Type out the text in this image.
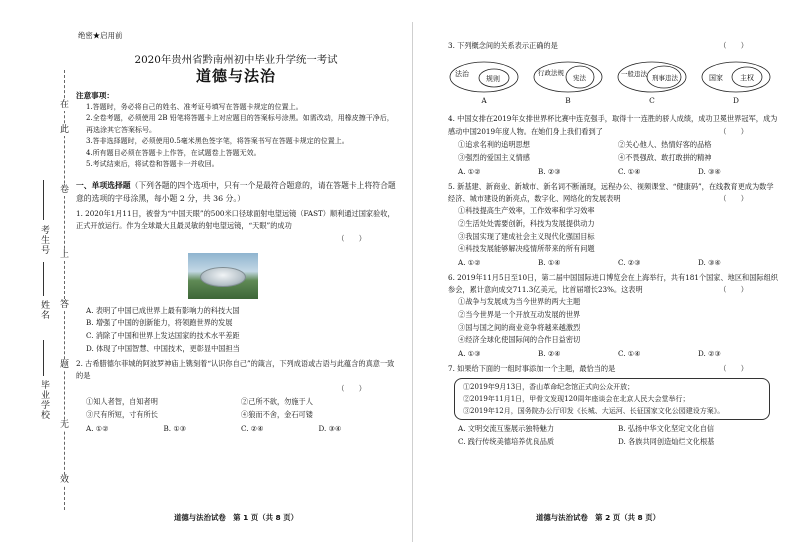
在
此
卷
上
答
题
无
效
考生号
姓名
毕业学校
绝密★启用前
2020年贵州省黔南州初中毕业升学统一考试
道德与法治
注意事项：
1.答题时，务必将自己的姓名、准考证号填写在答题卡规定的位置上。
2.全卷考题，必须使用 2B 铅笔将答题卡上对应题目的答案标号涂黑。如需改动，用橡皮擦干净后，再选涂其它答案标号。
3.答非选择题时，必须使用0.5毫米黑色签字笔，将答案书写在答题卡规定的位置上。
4.所有题目必须在答题卡上作答，在试题卷上答题无效。
5.考试结束后，将试卷和答题卡一并收回。
一、单项选择题（下列各题的四个选项中，只有一个是最符合题意的，请在答题卡上将符合题意的选项的字母涂黑，每小题 2 分，共 36 分。）
1. 2020年1月11日，被誉为“中国天眼”的500米口径球面射电望远镜（FAST）顺利通过国家验收，正式开放运行。作为全球最大且最灵敏的射电望远镜，“天眼”的成功
（　　）
A. 表明了中国已成世界上最有影响力的科技大国
B. 增强了中国的创新能力，将领跑世界的发展
C. 消除了中国和世界上发达国家的技术水平差距
D. 体现了中国智慧、中国技术，更彰显中国担当
2. 古希腊德尔菲城的阿波罗神庙上镌刻着“认识你自己”的箴言，下列成语或古语与此蕴含的真意一致的是
（　　）
①知人者智，自知者明	②己所不欲，勿施于人
③尺有所短，寸有所长	④狼而不舍，金石可镂
A. ①②	B. ①③	C. ②④	D. ③④
道德与法治试卷　第 1 页（共 8 页）
3. 下列概念间的关系表示正确的是	（　　）
法治
规则
A
行政法规
宪法
B
一般违法 刑事违法
C
国家 主权
D
4. 中国女排在2019年女排世界杯比赛中连克强手，取得十一连胜的骄人成绩，成功卫冕世界冠军，成为感动中国2019年度人物。在她们身上我们看到了	（　　）
①追求名利的追明思想	②关心他人、热情好客的品格
③强烈的爱国主义情感	④不畏强敌、敢打敢拼的精神
A. ①②	B. ②③	C. ①④	D. ③④
5. 新基建、新商业、新城市、新名词不断涌现，远程办公、视频课堂、“健康码”，在线教育更成为数学经济、城市建设的新亮点，数字化、网络化的发展表明	（　　）
①科技提高生产效率，工作效率和学习效率
②生活处处需要创新，科技为发展提供动力
③我国实现了建成社会主义现代化强国目标
④科技发展能够解决疫情所带来的所有问题
A. ①②	B. ①④	C. ②③	D. ③④
6. 2019年11月5日至10日，第二届中国国际进口博览会在上海举行，共有181个国家、地区和国际组织参会，累计意向成交711.3亿美元，比首届增长23%。这表明	（　　）
①战争与发展成为当今世界的两大主题
②当今世界是一个开放互动发展的世界
③国与国之间的商业竞争将越来越激烈
④经济全球化使国际间的合作日益密切
A. ①③	B. ②④	C. ①④	D. ②③
7. 如果给下面的一组时事添加一个主题，最恰当的是	（　　）
①2019年9月13日，香山革命纪念馆正式向公众开放；
②2019年11月1日，甲骨文发现120周年座谈会在北京人民大会堂举行；
③2019年12月，国务院办公厅印发《长城、大运河、长征国家文化公园建设方案》。
A. 文明交流互鉴展示独特魅力	B. 弘扬中华文化坚定文化自信
C. 践行传统美德培养优良品质	D. 各族共同创造灿烂文化根基
道德与法治试卷　第 2 页（共 8 页）
